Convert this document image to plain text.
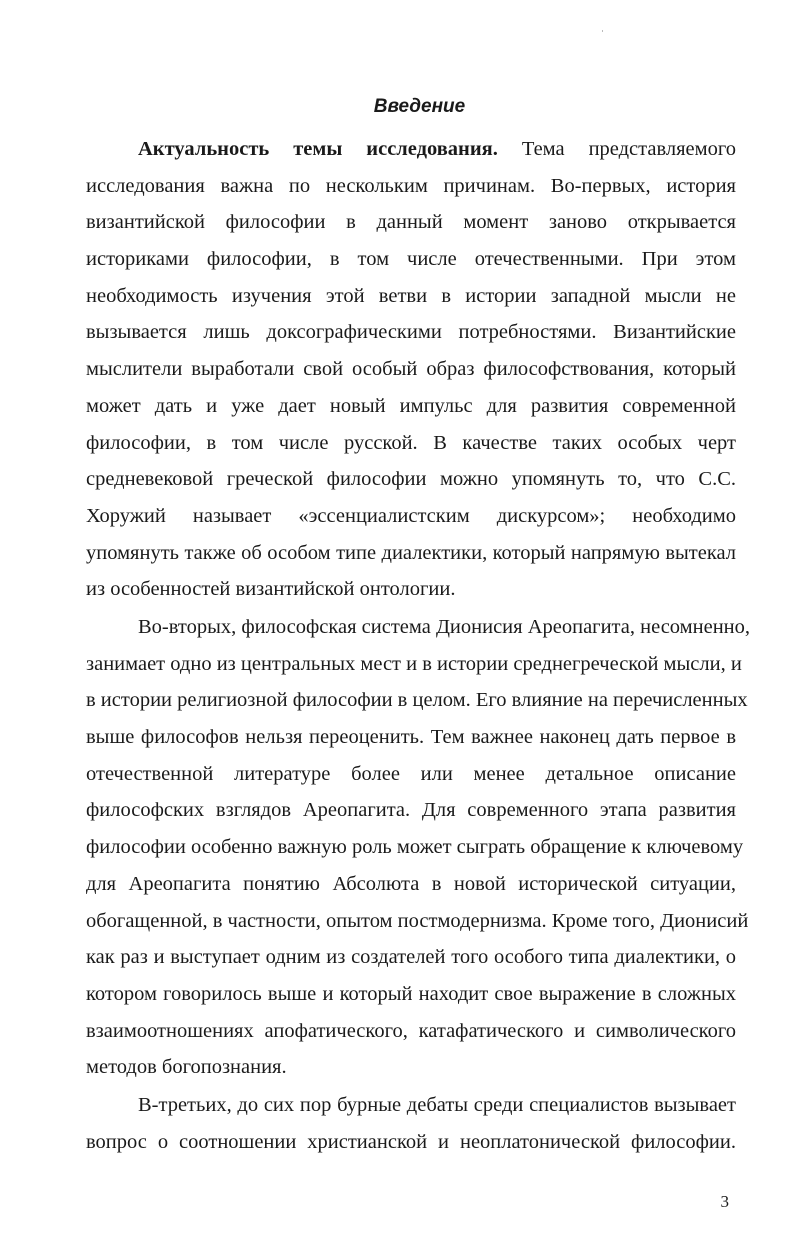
Введение
Актуальность темы исследования. Тема представляемого
исследования важна по нескольким причинам. Во-первых, история
византийской философии в данный момент заново открывается
историками философии, в том числе отечественными. При этом
необходимость изучения этой ветви в истории западной мысли не
вызывается лишь доксографическими потребностями. Византийские
мыслители выработали свой особый образ философствования, который
может дать и уже дает новый импульс для развития современной
философии, в том числе русской. В качестве таких особых черт
средневековой греческой философии можно упомянуть то, что С.С.
Хоружий называет «эссенциалистским дискурсом»; необходимо
упомянуть также об особом типе диалектики, который напрямую вытекал
из особенностей византийской онтологии.
Во-вторых, философская система Дионисия Ареопагита, несомненно,
занимает одно из центральных мест и в истории среднегреческой мысли, и
в истории религиозной философии в целом. Его влияние на перечисленных
выше философов нельзя переоценить. Тем важнее наконец дать первое в
отечественной литературе более или менее детальное описание
философских взглядов Ареопагита. Для современного этапа развития
философии особенно важную роль может сыграть обращение к ключевому
для Ареопагита понятию Абсолюта в новой исторической ситуации,
обогащенной, в частности, опытом постмодернизма. Кроме того, Дионисий
как раз и выступает одним из создателей того особого типа диалектики, о
котором говорилось выше и который находит свое выражение в сложных
взаимоотношениях апофатического, катафатического и символического
методов богопознания.
В-третьих, до сих пор бурные дебаты среди специалистов вызывает
вопрос о соотношении христианской и неоплатонической философии.
3
